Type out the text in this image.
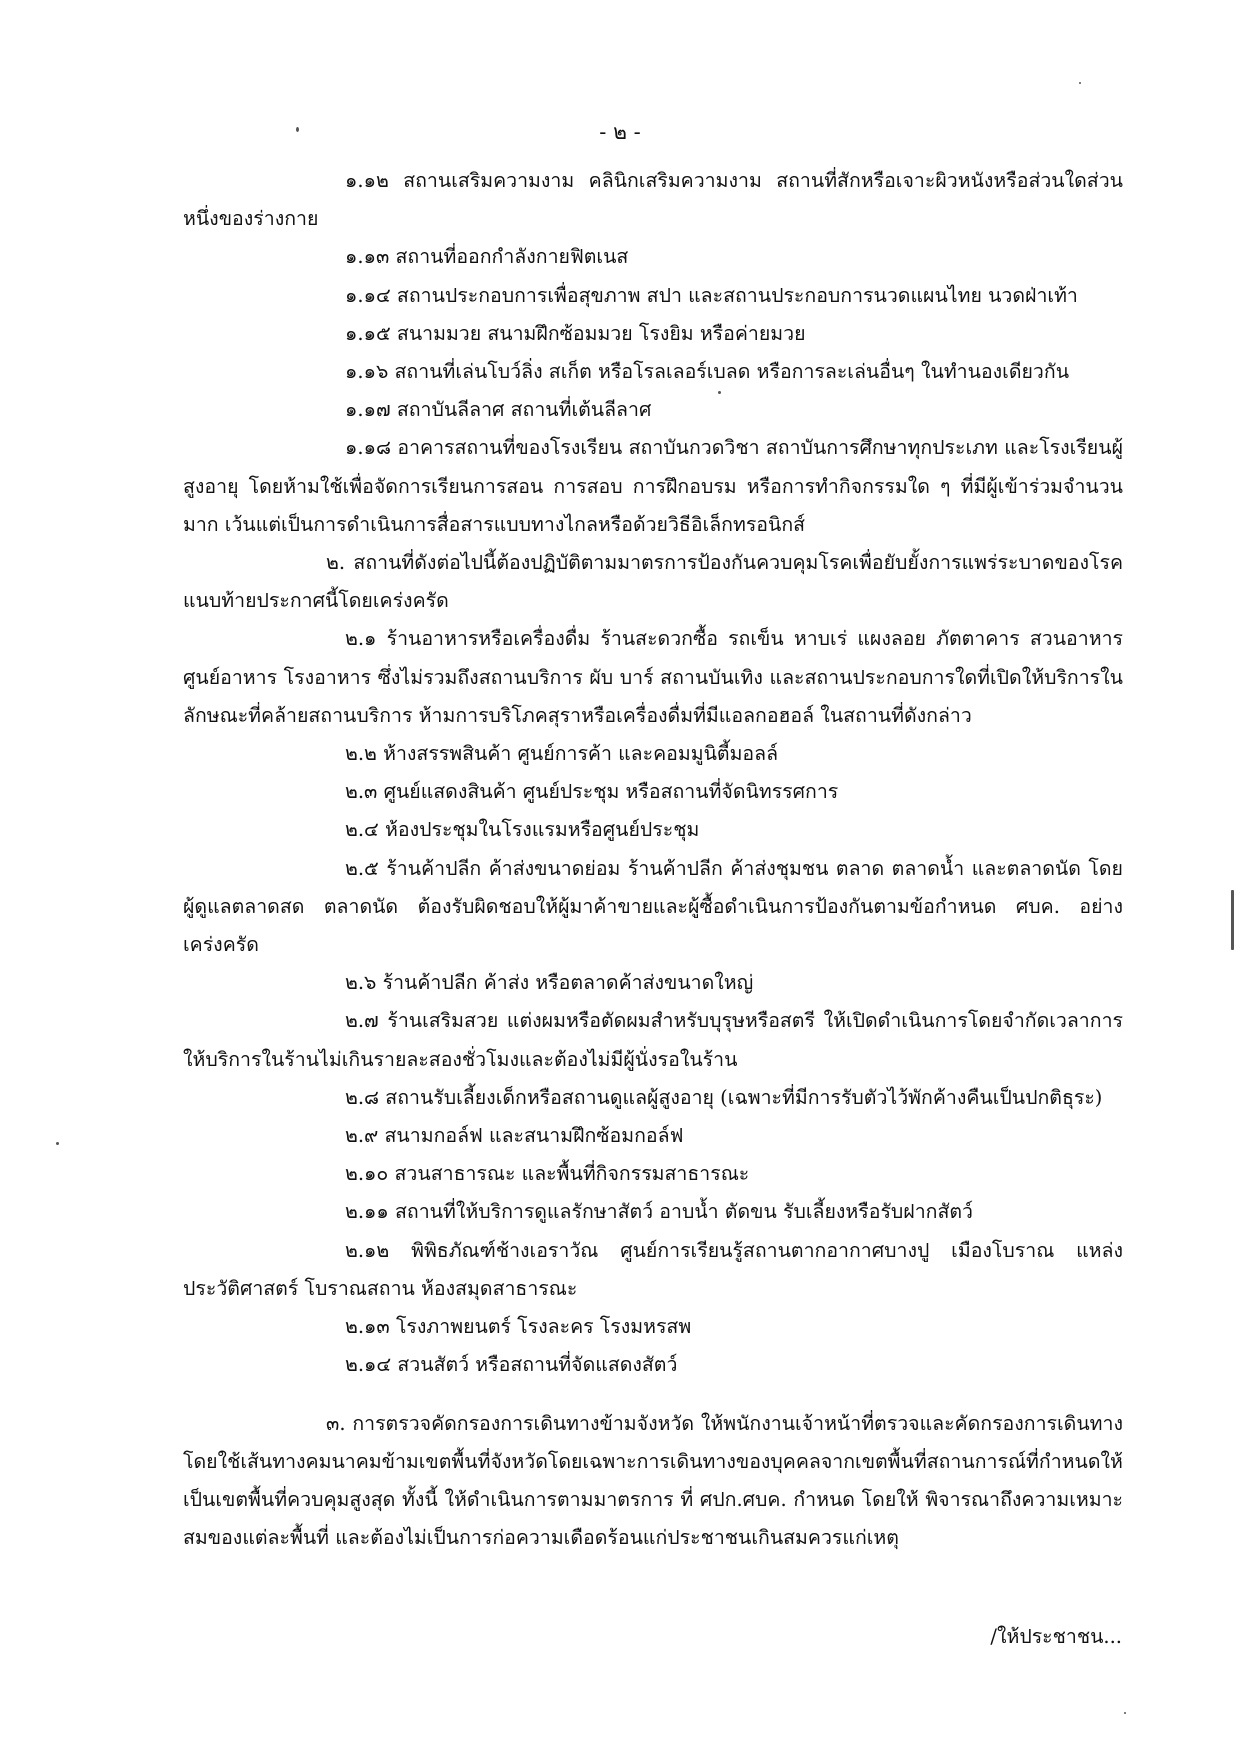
- ๒ -

๑.๑๒ สถานเสริมความงาม คลินิกเสริมความงาม สถานที่สักหรือเจาะผิวหนังหรือส่วนใดส่วนหนึ่งของร่างกาย

๑.๑๓ สถานที่ออกกำลังกายฟิตเนส

๑.๑๔ สถานประกอบการเพื่อสุขภาพ สปา และสถานประกอบการนวดแผนไทย นวดฝ่าเท้า

๑.๑๕ สนามมวย สนามฝึกซ้อมมวย โรงยิม หรือค่ายมวย

๑.๑๖ สถานที่เล่นโบว์ลิ่ง สเก็ต หรือโรลเลอร์เบลด หรือการละเล่นอื่นๆ ในทำนองเดียวกัน

๑.๑๗ สถาบันลีลาศ สถานที่เต้นลีลาศ

๑.๑๘ อาคารสถานที่ของโรงเรียน สถาบันกวดวิชา สถาบันการศึกษาทุกประเภท และโรงเรียนผู้สูงอายุ โดยห้ามใช้เพื่อจัดการเรียนการสอน การสอบ การฝึกอบรม หรือการทำกิจกรรมใด ๆ ที่มีผู้เข้าร่วมจำนวนมาก เว้นแต่เป็นการดำเนินการสื่อสารแบบทางไกลหรือด้วยวิธีอิเล็กทรอนิกส์

๒. สถานที่ดังต่อไปนี้ต้องปฏิบัติตามมาตรการป้องกันควบคุมโรคเพื่อยับยั้งการแพร่ระบาดของโรคแนบท้ายประกาศนี้โดยเคร่งครัด

๒.๑ ร้านอาหารหรือเครื่องดื่ม ร้านสะดวกซื้อ รถเข็น หาบเร่ แผงลอย ภัตตาคาร สวนอาหาร ศูนย์อาหาร โรงอาหาร ซึ่งไม่รวมถึงสถานบริการ ผับ บาร์ สถานบันเทิง และสถานประกอบการใดที่เปิดให้บริการในลักษณะที่คล้ายสถานบริการ ห้ามการบริโภคสุราหรือเครื่องดื่มที่มีแอลกอฮอล์ ในสถานที่ดังกล่าว

๒.๒ ห้างสรรพสินค้า ศูนย์การค้า และคอมมูนิตี้มอลล์

๒.๓ ศูนย์แสดงสินค้า ศูนย์ประชุม หรือสถานที่จัดนิทรรศการ

๒.๔ ห้องประชุมในโรงแรมหรือศูนย์ประชุม

๒.๕ ร้านค้าปลีก ค้าส่งขนาดย่อม ร้านค้าปลีก ค้าส่งชุมชน ตลาด ตลาดน้ำ และตลาดนัด โดยผู้ดูแลตลาดสด ตลาดนัด ต้องรับผิดชอบให้ผู้มาค้าขายและผู้ซื้อดำเนินการป้องกันตามข้อกำหนด ศบค. อย่างเคร่งครัด

๒.๖ ร้านค้าปลีก ค้าส่ง หรือตลาดค้าส่งขนาดใหญ่

๒.๗ ร้านเสริมสวย แต่งผมหรือตัดผมสำหรับบุรุษหรือสตรี ให้เปิดดำเนินการโดยจำกัดเวลาการให้บริการในร้านไม่เกินรายละสองชั่วโมงและต้องไม่มีผู้นั่งรอในร้าน

๒.๘ สถานรับเลี้ยงเด็กหรือสถานดูแลผู้สูงอายุ (เฉพาะที่มีการรับตัวไว้พักค้างคืนเป็นปกติธุระ)

๒.๙ สนามกอล์ฟ และสนามฝึกซ้อมกอล์ฟ

๒.๑๐ สวนสาธารณะ และพื้นที่กิจกรรมสาธารณะ

๒.๑๑ สถานที่ให้บริการดูแลรักษาสัตว์ อาบน้ำ ตัดขน รับเลี้ยงหรือรับฝากสัตว์

๒.๑๒ พิพิธภัณฑ์ช้างเอราวัณ ศูนย์การเรียนรู้สถานตากอากาศบางปู เมืองโบราณ แหล่งประวัติศาสตร์ โบราณสถาน ห้องสมุดสาธารณะ

๒.๑๓ โรงภาพยนตร์ โรงละคร โรงมหรสพ

๒.๑๔ สวนสัตว์ หรือสถานที่จัดแสดงสัตว์

๓. การตรวจคัดกรองการเดินทางข้ามจังหวัด ให้พนักงานเจ้าหน้าที่ตรวจและคัดกรองการเดินทางโดยใช้เส้นทางคมนาคมข้ามเขตพื้นที่จังหวัดโดยเฉพาะการเดินทางของบุคคลจากเขตพื้นที่สถานการณ์ที่กำหนดให้เป็นเขตพื้นที่ควบคุมสูงสุด ทั้งนี้ ให้ดำเนินการตามมาตรการ ที่ ศปก.ศบค. กำหนด โดยให้ พิจารณาถึงความเหมาะสมของแต่ละพื้นที่ และต้องไม่เป็นการก่อความเดือดร้อนแก่ประชาชนเกินสมควรแก่เหตุ

/ให้ประชาชน...
